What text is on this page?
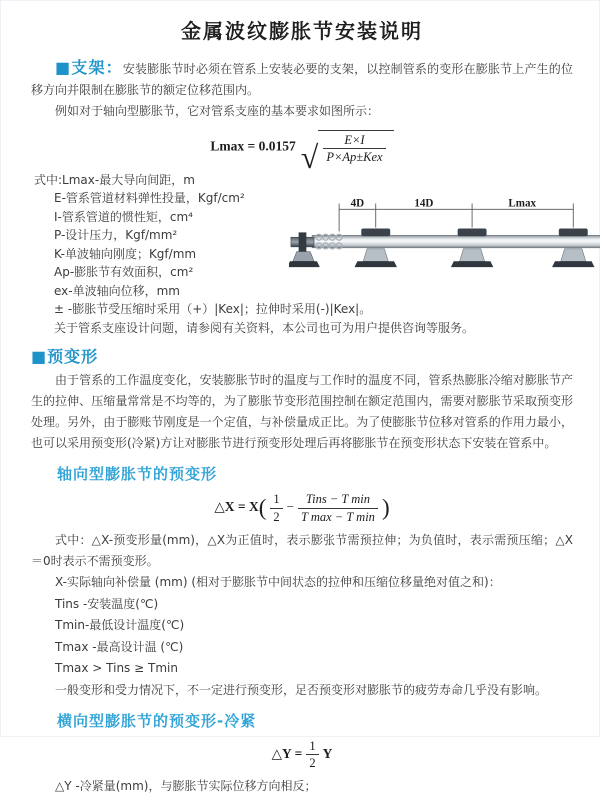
金属波纹膨胀节安装说明

■支架：安装膨胀节时必须在管系上安装必要的支架，以控制管系的变形在膨胀节上产生的位移方向并限制在膨胀节的额定位移范围内。

例如对于轴向型膨胀节，它对管系支座的基本要求如图所示：

Lmax = 0.0157 √ $\frac{E\times I}{\text{P×Ap±Kex}}$
式中:Lmax-最大导向间距，m
E-管系管道材料弹性投量，Kgf/cm²
I-管系管道的惯性矩，cm⁴
P-设计压力，Kgf/mm²
K-单波轴向刚度；Kgf/mm
Ap-膨胀节有效面积，cm²
ex-单波轴向位移，mm
4D	14D	Lmax
± -膨胀节受压缩时采用（+）|Kex|；拉伸时采用(-)|Kex|。
关于管系支座设计问题，请参阅有关资料，本公司也可为用户提供咨询等服务。
■预变形

由于管系的工作温度变化，安装膨胀节时的温度与工作时的温度不同，管系热膨胀冷缩对膨胀节产生的拉伸、压缩量常常是不均等的，为了膨胀节变形范围控制在额定范围内，需要对膨胀节采取预变形处理。另外，由于膨账节刚度是一个定值，与补偿量成正比。为了使膨胀节位移对管系的作用力最小，也可以采用预变形(冷紧)方让对膨胀节进行预变形处理后再将膨胀节在预变形状态下安装在管系中。

轴向型膨胀节的预变形
△X = $X( \frac{1}{2} - \frac{\text{Tins − T min}}{\text{T max − T min}}$ )

式中：△X-预变形量(mm)，△X为正值时，表示膨张节需预拉伸；为负值时，表示需预压缩；△X＝0时表示不需预变形。

X-实际轴向补偿量 (mm) (相对于膨胀节中间状态的拉伸和压缩位移量绝对值之和)：
Tins -安装温度(℃)
Tmin-最低设计温度(℃)
Tmax -最高设计温 (℃)
Tmax > Tins ≥ Tmin

一般变形和受力情况下，不一定进行预变形，足否预变形对膨胀节的疲劳寿命几乎没有影响。

横向型膨胀节的预变形-冷紧
△Y = $\frac{1}{2}$ Y
△Y -冷紧量(mm)，与膨胀节实际位移方向相反；
